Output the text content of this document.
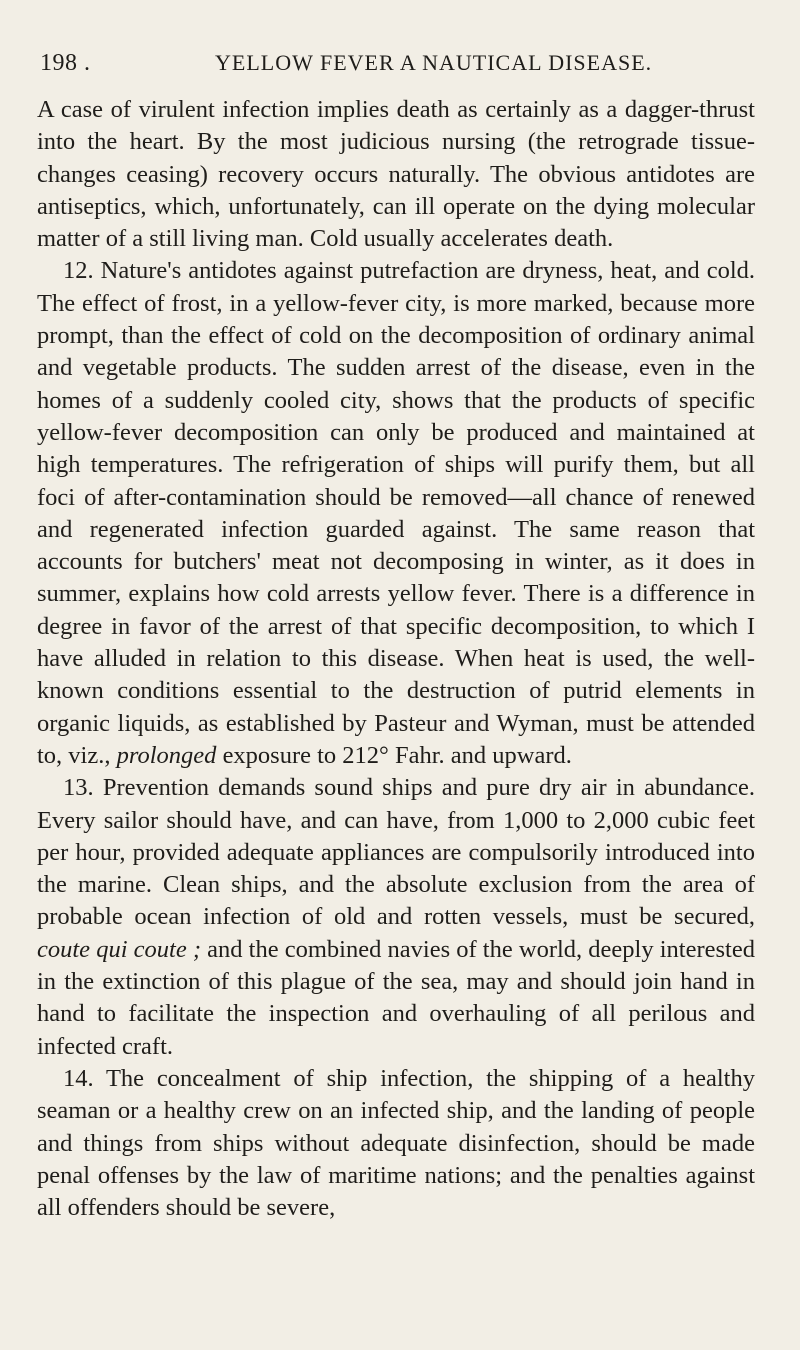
198 .	YELLOW FEVER A NAUTICAL DISEASE.

A case of virulent infection implies death as certainly as a dagger-thrust into the heart. By the most judicious nursing (the retrograde tissue-changes ceasing) recovery occurs naturally. The obvious antidotes are antiseptics, which, unfortunately, can ill operate on the dying molecular matter of a still living man. Cold usually accelerates death.

12. Nature's antidotes against putrefaction are dryness, heat, and cold. The effect of frost, in a yellow-fever city, is more marked, because more prompt, than the effect of cold on the decomposition of ordinary animal and vegetable products. The sudden arrest of the disease, even in the homes of a suddenly cooled city, shows that the products of specific yellow-fever decomposition can only be produced and maintained at high temperatures. The refrigeration of ships will purify them, but all foci of after-contamination should be removed—all chance of renewed and regenerated infection guarded against. The same reason that accounts for butchers' meat not decomposing in winter, as it does in summer, explains how cold arrests yellow fever. There is a difference in degree in favor of the arrest of that specific decomposition, to which I have alluded in relation to this disease. When heat is used, the well-known conditions essential to the destruction of putrid elements in organic liquids, as established by Pasteur and Wyman, must be attended to, viz., prolonged exposure to 212° Fahr. and upward.

13. Prevention demands sound ships and pure dry air in abundance. Every sailor should have, and can have, from 1,000 to 2,000 cubic feet per hour, provided adequate appliances are compulsorily introduced into the marine. Clean ships, and the absolute exclusion from the area of probable ocean infection of old and rotten vessels, must be secured, coute qui coute ; and the combined navies of the world, deeply interested in the extinction of this plague of the sea, may and should join hand in hand to facilitate the inspection and overhauling of all perilous and infected craft.

14. The concealment of ship infection, the shipping of a healthy seaman or a healthy crew on an infected ship, and the landing of people and things from ships without adequate disinfection, should be made penal offenses by the law of maritime nations; and the penalties against all offenders should be severe,
